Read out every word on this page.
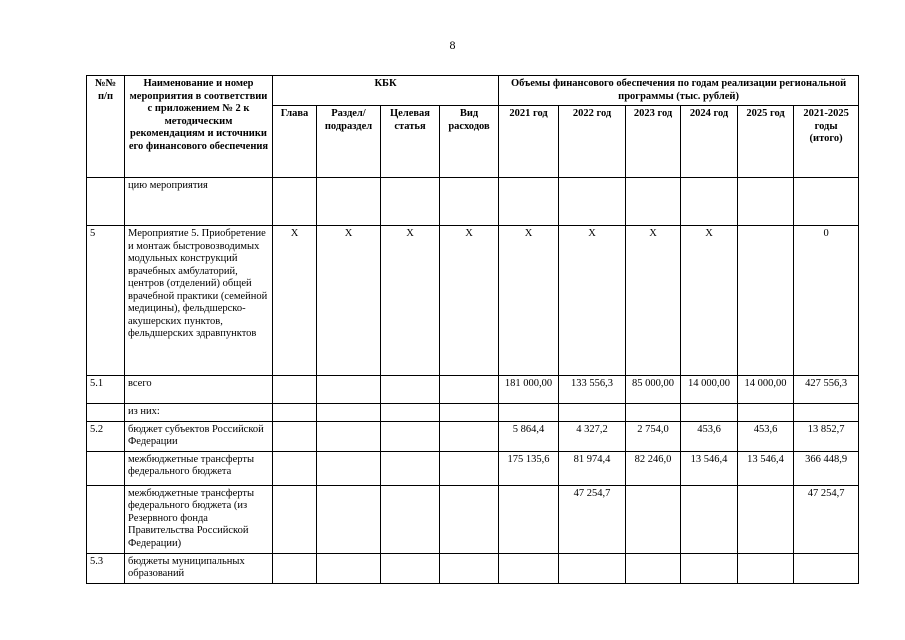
8
№№ п/п	Наименование и номер мероприятия в соответствии с приложением № 2 к методическим рекомендациям и источники его финансового обеспечения	КБК				Объемы финансового обеспечения по годам реализации региональной программы (тыс. рублей)					
		Глава	Раздел/ подраздел	Целевая статья	Вид расходов	2021 год	2022 год	2023 год	2024 год	2025 год	2021-2025 годы (итого)
	цию мероприятия										
5	Мероприятие 5. Приобретение и монтаж быстровозводимых модульных конструкций врачебных амбулаторий, центров (отделений) общей врачебной практики (семейной медицины), фельдшерско-акушерских пунктов, фельдшерских здравпунктов	X	X	X	X	X	X	X	X		0
5.1	всего					181 000,00	133 556,3	85 000,00	14 000,00	14 000,00	427 556,3
	из них:										
5.2	бюджет субъектов Российской Федерации					5 864,4	4 327,2	2 754,0	453,6	453,6	13 852,7
	межбюджетные трансферты федерального бюджета					175 135,6	81 974,4	82 246,0	13 546,4	13 546,4	366 448,9
	межбюджетные трансферты федерального бюджета (из Резервного фонда Правительства Российской Федерации)						47 254,7				47 254,7
5.3	бюджеты муниципальных образований										
